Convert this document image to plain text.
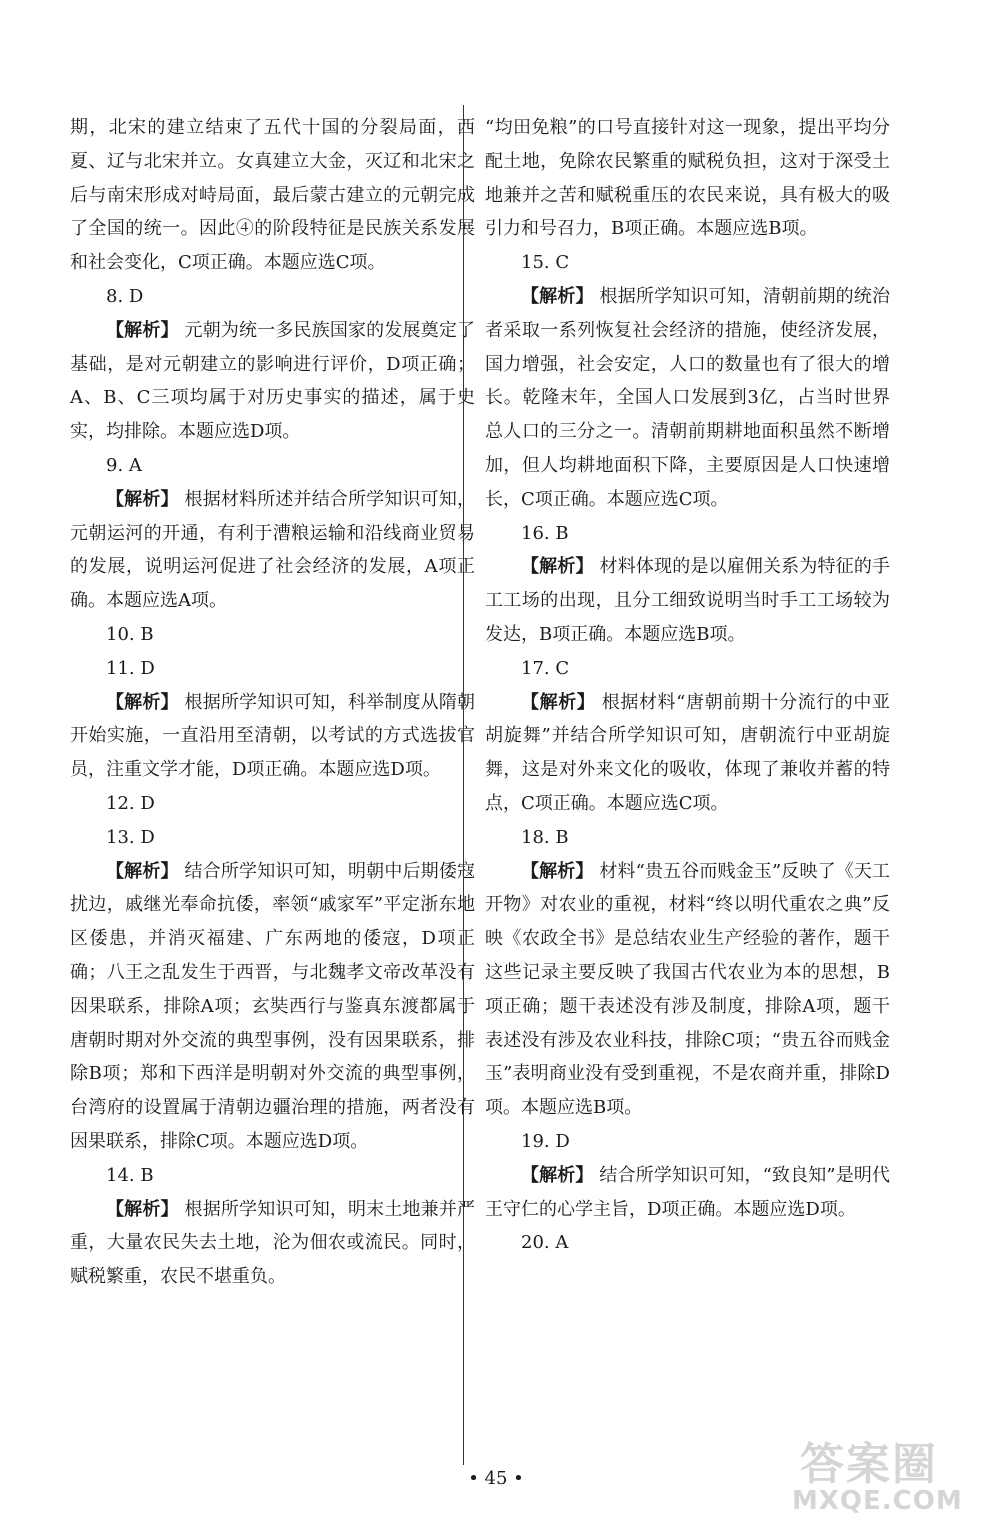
期，北宋的建立结束了五代十国的分裂局面，西夏、辽与北宋并立。女真建立大金，灭辽和北宋之后与南宋形成对峙局面，最后蒙古建立的元朝完成了全国的统一。因此④的阶段特征是民族关系发展和社会变化，C项正确。本题应选C项。

8. D

【解析】 元朝为统一多民族国家的发展奠定了基础，是对元朝建立的影响进行评价，D项正确；A、B、C三项均属于对历史事实的描述，属于史实，均排除。本题应选D项。

9. A

【解析】 根据材料所述并结合所学知识可知，元朝运河的开通，有利于漕粮运输和沿线商业贸易的发展，说明运河促进了社会经济的发展，A项正确。本题应选A项。

10. B

11. D

【解析】 根据所学知识可知，科举制度从隋朝开始实施，一直沿用至清朝，以考试的方式选拔官员，注重文学才能，D项正确。本题应选D项。

12. D

13. D

【解析】 结合所学知识可知，明朝中后期倭寇扰边，戚继光奉命抗倭，率领“戚家军”平定浙东地区倭患，并消灭福建、广东两地的倭寇，D项正确；八王之乱发生于西晋，与北魏孝文帝改革没有因果联系，排除A项；玄奘西行与鉴真东渡都属于唐朝时期对外交流的典型事例，没有因果联系，排除B项；郑和下西洋是明朝对外交流的典型事例，台湾府的设置属于清朝边疆治理的措施，两者没有因果联系，排除C项。本题应选D项。

14. B

【解析】 根据所学知识可知，明末土地兼并严重，大量农民失去土地，沦为佃农或流民。同时，赋税繁重，农民不堪重负。

“均田免粮”的口号直接针对这一现象，提出平均分配土地，免除农民繁重的赋税负担，这对于深受土地兼并之苦和赋税重压的农民来说，具有极大的吸引力和号召力，B项正确。本题应选B项。

15. C

【解析】 根据所学知识可知，清朝前期的统治者采取一系列恢复社会经济的措施，使经济发展，国力增强，社会安定，人口的数量也有了很大的增长。乾隆末年，全国人口发展到3亿，占当时世界总人口的三分之一。清朝前期耕地面积虽然不断增加，但人均耕地面积下降，主要原因是人口快速增长，C项正确。本题应选C项。

16. B

【解析】 材料体现的是以雇佣关系为特征的手工工场的出现，且分工细致说明当时手工工场较为发达，B项正确。本题应选B项。

17. C

【解析】 根据材料“唐朝前期十分流行的中亚胡旋舞”并结合所学知识可知，唐朝流行中亚胡旋舞，这是对外来文化的吸收，体现了兼收并蓄的特点，C项正确。本题应选C项。

18. B

【解析】 材料“贵五谷而贱金玉”反映了《天工开物》对农业的重视，材料“终以明代重农之典”反映《农政全书》是总结农业生产经验的著作，题干这些记录主要反映了我国古代农业为本的思想，B项正确；题干表述没有涉及制度，排除A项，题干表述没有涉及农业科技，排除C项；“贵五谷而贱金玉”表明商业没有受到重视，不是农商并重，排除D项。本题应选B项。

19. D

【解析】 结合所学知识可知，“致良知”是明代王守仁的心学主旨，D项正确。本题应选D项。

20. A

• 45 •	答案圈
MXQE.COM
